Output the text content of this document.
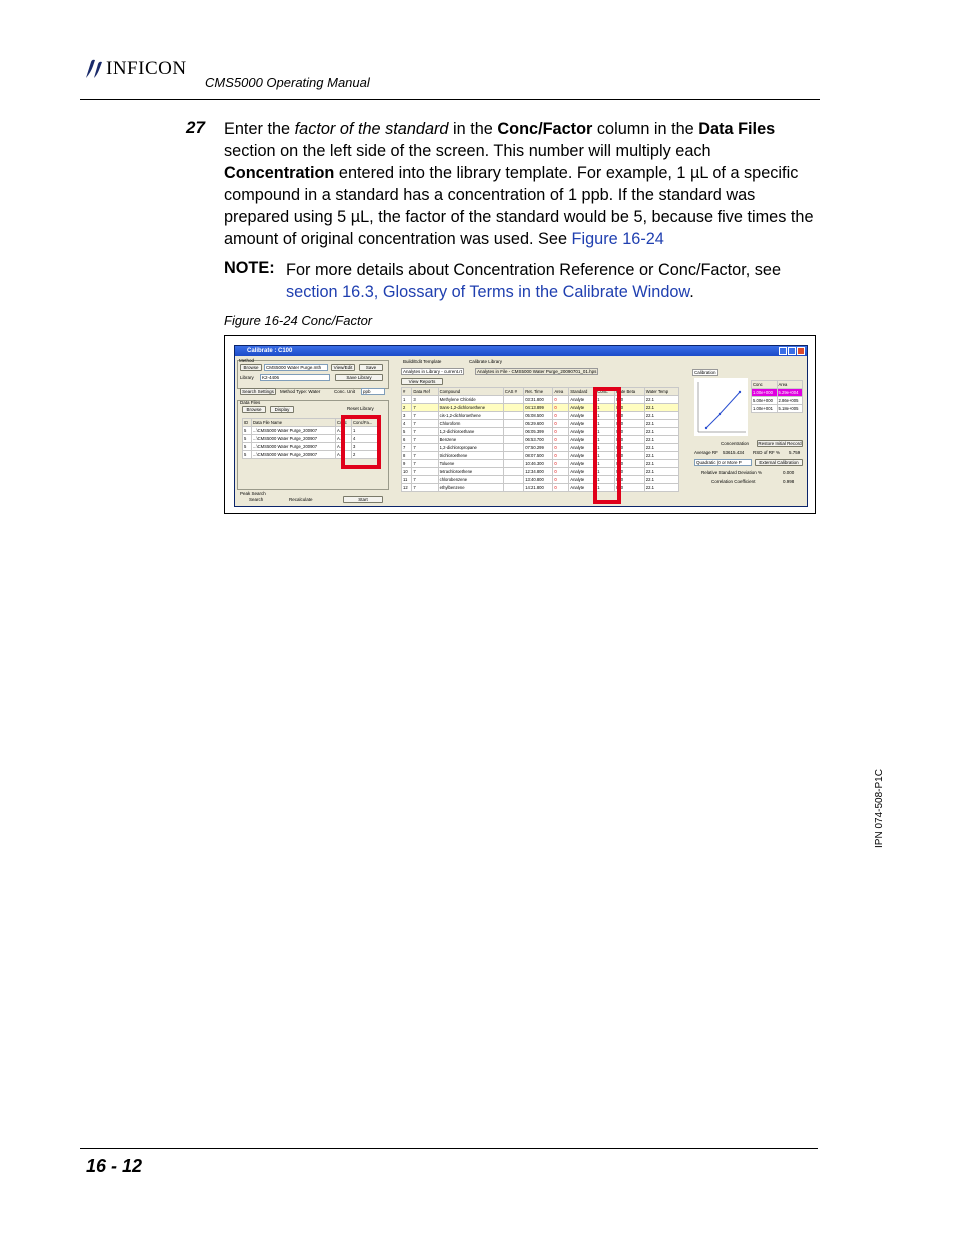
INFICON
CMS5000 Operating Manual
27 Enter the factor of the standard in the Conc/Factor column in the Data Files section on the left side of the screen. This number will multiply each Concentration entered into the library template. For example, 1 µL of a specific compound in a standard has a concentration of 1 ppb. If the standard was prepared using 5 µL, the factor of the standard would be 5, because five times the amount of original concentration was used. See Figure 16-24
NOTE: For more details about Concentration Reference or Conc/Factor, see section 16.3, Glossary of Terms in the Calibrate Window.
Figure 16-24 Conc/Factor
Calibrate : C100
Method
Browse	CMS5000 Water Purge.mth	View/Edit	Save
Library	K2-4406	Save Library
Search Settings	Method Type: Water	Conc. Unit	ppb
Data Files
Reset Library
Browse	Display
ID	Data File Name	Conc	Conc/Fa...
5	...\CMS5000 Water Purge_200907	A...	1
5	...\CMS5000 Water Purge_200907	A...	4
5	...\CMS5000 Water Purge_200907	A...	3
5	...\CMS5000 Water Purge_200907	A...	2
Peak Search
Search	Recalculate	Start
Build/Edit Template	Calibrate Library
Analytes in Library - current.rt	Analytes in File - CMS5000 Water Purge_20090701_01.hps
View Reports
#	Data Ref	Compound	CAS #	Ret. Time	Area	Standard	Conc.	Flate Beta	Water Temp
1	3	Methylene Chloride		03:31.800	0	Analyte	1	000	22.1
2	7	trans-1,2-dichloroethene		04:13.899	0	Analyte	1	000	22.1
3	7	cis-1,2-dichloroethene		05:08.500	0	Analyte	1	000	22.1
4	7	Chloroform		05:29.600	0	Analyte	1	000	22.1
5	7	1,2-dichloroethane		06:05.399	0	Analyte	1	000	22.1
6	7	Benzene		06:53.700	0	Analyte	1	000	22.1
7	7	1,2-dichloropropane		07:50.299	0	Analyte	1	000	22.1
8	7	trichloroethene		08:07.500	0	Analyte	1	000	22.1
9	7	Toluene		10:46.300	0	Analyte	1	000	22.1
10	7	tetrachloroethene		12:34.800	0	Analyte	1	000	22.1
11	7	chlorobenzene		13:40.800	0	Analyte	1	000	22.1
12	7	ethylbenzene		14:21.800	0	Analyte	1	000	22.1
Calibration
Conc	Area
1.00e+000	5.29e+004
5.00e+000	2.86e+005
1.00e+001	5.18e+005
Concentration	Restore Initial Record
Average RF 53615.434 RSD of RF % 5.759
Quadratic (0 or More P	External Calibration
Relative Standard Deviation %	0.000
Correlation Coefficient	0.998
IPN 074-508-P1C
16 - 12
